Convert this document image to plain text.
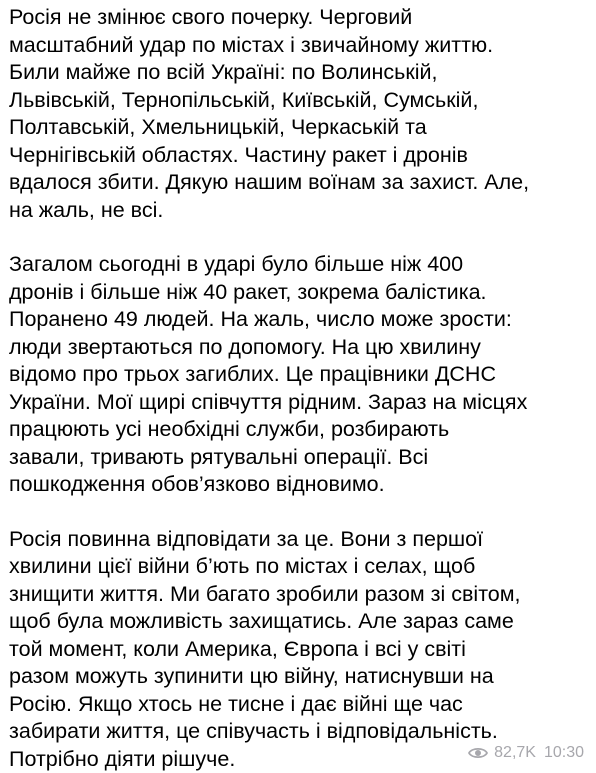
Росія не змінює свого почерку. Черговий
масштабний удар по містах і звичайному життю.
Били майже по всій Україні: по Волинській,
Львівській, Тернопільській, Київській, Сумській,
Полтавській, Хмельницькій, Черкаській та
Чернігівській областях. Частину ракет і дронів
вдалося збити. Дякую нашим воїнам за захист. Але,
на жаль, не всі.

Загалом сьогодні в ударі було більше ніж 400
дронів і більше ніж 40 ракет, зокрема балістика.
Поранено 49 людей. На жаль, число може зрости:
люди звертаються по допомогу. На цю хвилину
відомо про трьох загиблих. Це працівники ДСНС
України. Мої щирі співчуття рідним. Зараз на місцях
працюють усі необхідні служби, розбирають
завали, тривають рятувальні операції. Всі
пошкодження обов’язково відновимо.

Росія повинна відповідати за це. Вони з першої
хвилини цієї війни б’ють по містах і селах, щоб
знищити життя. Ми багато зробили разом зі світом,
щоб була можливість захищатись. Але зараз саме
той момент, коли Америка, Європа і всі у світі
разом можуть зупинити цю війну, натиснувши на
Росію. Якщо хтось не тисне і дає війні ще час
забирати життя, це співучасть і відповідальність.
Потрібно діяти рішуче.	82,7K 10:30
